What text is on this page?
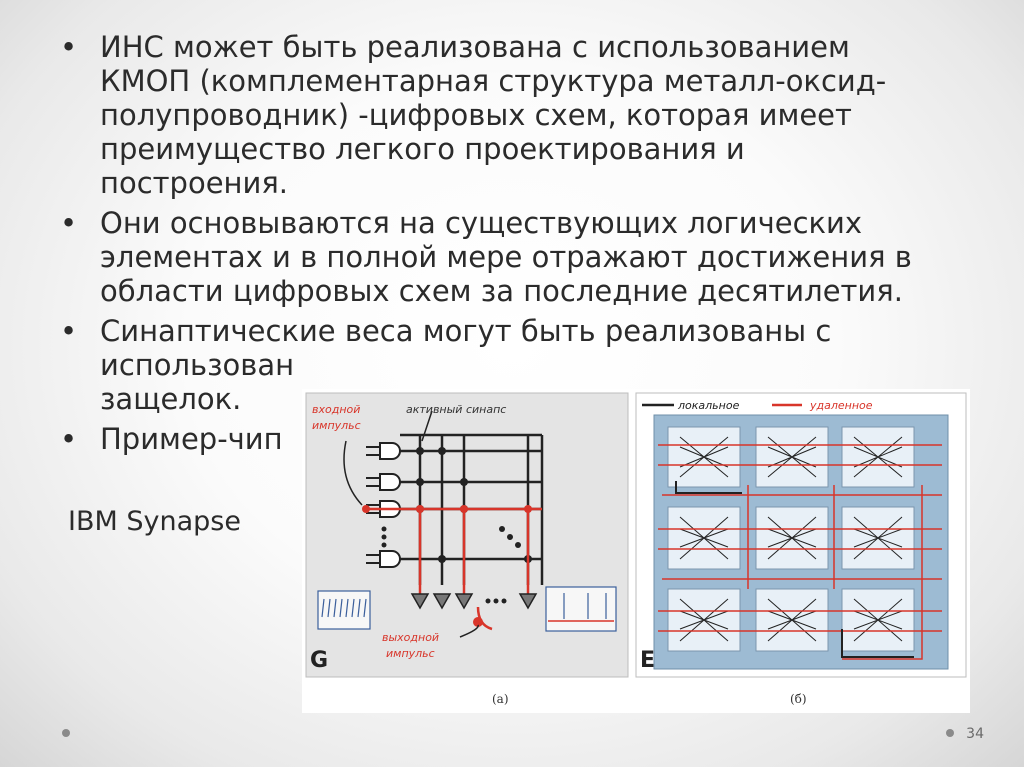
• ИНС может быть реализована с использованием КМОП (комплементарная структура металл-оксид-полупроводник) -цифровых схем, которая имеет преимущество легкого проектирования и построения.
• Они основываются на существующих логических элементах и в полной мере отражают достижения в области цифровых схем за последние десятилетия.
• Синаптические веса могут быть реализованы с использован
защелок.
• Пример-чип
IBM Synapse
входной
импульс
активный синапс
выходной
импульс
G
локальное	удаленное
E
(а)	(б)
34
